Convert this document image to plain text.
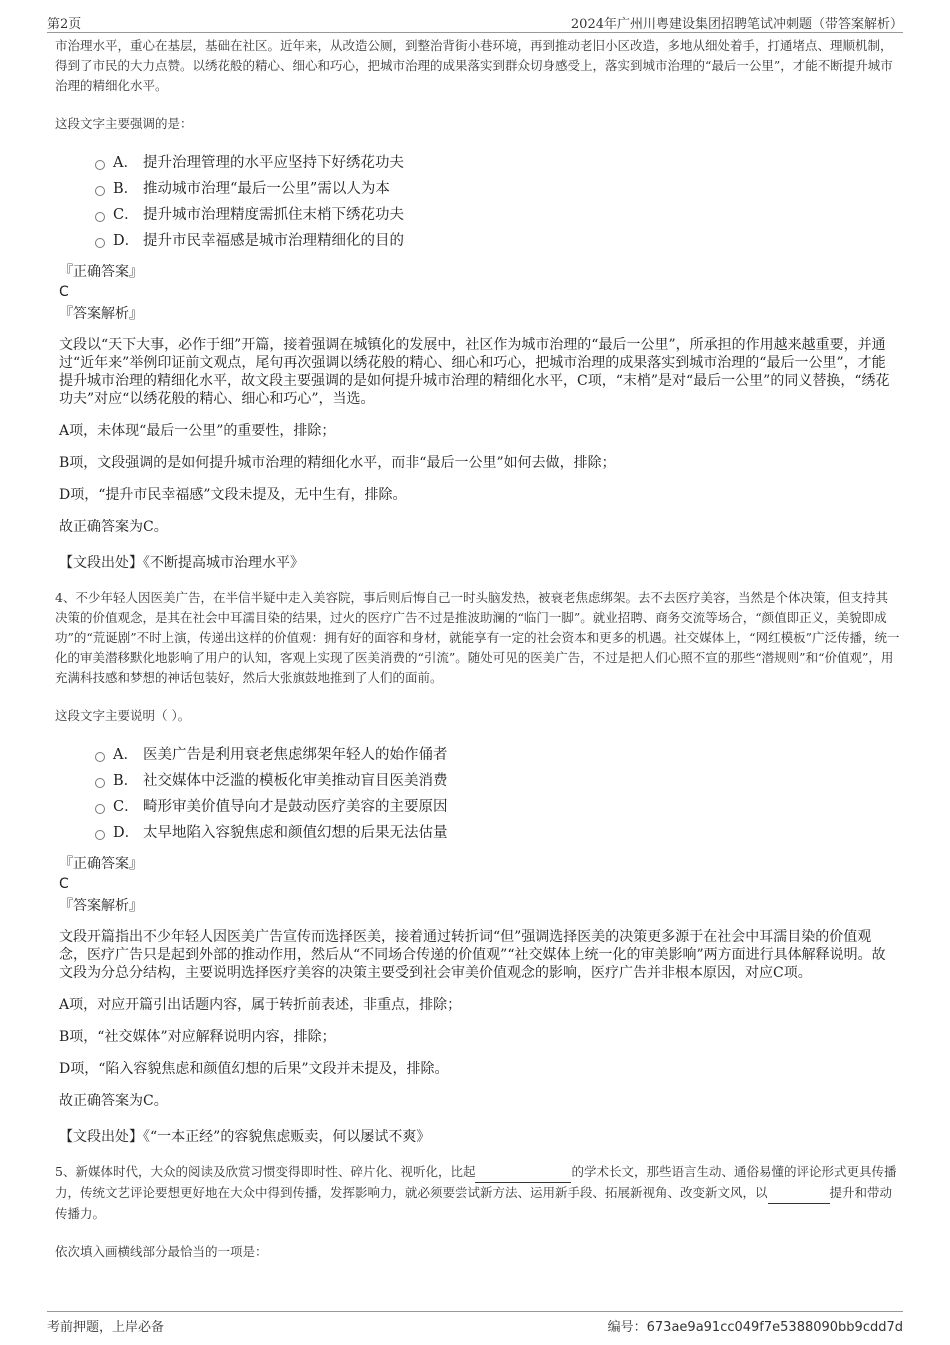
第2页	2024年广州川粤建设集团招聘笔试冲刺题（带答案解析）

市治理水平，重心在基层，基础在社区。近年来，从改造公厕，到整治背街小巷环境，再到推动老旧小区改造，多地从细处着手，打通堵点、理顺机制，得到了市民的大力点赞。以绣花般的精心、细心和巧心，把城市治理的成果落实到群众切身感受上，落实到城市治理的“最后一公里”，才能不断提升城市治理的精细化水平。

这段文字主要强调的是：

A． 提升治理管理的水平应坚持下好绣花功夫
B． 推动城市治理“最后一公里”需以人为本
C． 提升城市治理精度需抓住末梢下绣花功夫
D． 提升市民幸福感是城市治理精细化的目的
『正确答案』
C
『答案解析』
文段以“天下大事，必作于细”开篇，接着强调在城镇化的发展中，社区作为城市治理的“最后一公里”，所承担的作用越来越重要，并通过“近年来”举例印证前文观点，尾句再次强调以绣花般的精心、细心和巧心，把城市治理的成果落实到城市治理的“最后一公里”，才能提升城市治理的精细化水平，故文段主要强调的是如何提升城市治理的精细化水平，C项，“末梢”是对“最后一公里”的同义替换，“绣花功夫”对应“以绣花般的精心、细心和巧心”，当选。
A项，未体现“最后一公里”的重要性，排除；
B项，文段强调的是如何提升城市治理的精细化水平，而非“最后一公里”如何去做，排除；
D项，“提升市民幸福感”文段未提及，无中生有，排除。
故正确答案为C。
【文段出处】《不断提高城市治理水平》

4、不少年轻人因医美广告，在半信半疑中走入美容院，事后则后悔自己一时头脑发热，被衰老焦虑绑架。去不去医疗美容，当然是个体决策，但支持其决策的价值观念，是其在社会中耳濡目染的结果，过火的医疗广告不过是推波助澜的“临门一脚”。就业招聘、商务交流等场合，“颜值即正义，美貌即成功”的“荒诞剧”不时上演，传递出这样的价值观：拥有好的面容和身材，就能享有一定的社会资本和更多的机遇。社交媒体上，“网红模板”广泛传播，统一化的审美潜移默化地影响了用户的认知，客观上实现了医美消费的“引流”。随处可见的医美广告，不过是把人们心照不宣的那些“潜规则”和“价值观”，用充满科技感和梦想的神话包装好，然后大张旗鼓地推到了人们的面前。

这段文字主要说明（ ）。

A． 医美广告是利用衰老焦虑绑架年轻人的始作俑者
B． 社交媒体中泛滥的模板化审美推动盲目医美消费
C． 畸形审美价值导向才是鼓动医疗美容的主要原因
D． 太早地陷入容貌焦虑和颜值幻想的后果无法估量
『正确答案』
C
『答案解析』
文段开篇指出不少年轻人因医美广告宣传而选择医美，接着通过转折词“但”强调选择医美的决策更多源于在社会中耳濡目染的价值观念，医疗广告只是起到外部的推动作用，然后从“不同场合传递的价值观”“社交媒体上统一化的审美影响”两方面进行具体解释说明。故文段为分总分结构，主要说明选择医疗美容的决策主要受到社会审美价值观念的影响，医疗广告并非根本原因，对应C项。
A项，对应开篇引出话题内容，属于转折前表述，非重点，排除；
B项，“社交媒体”对应解释说明内容，排除；
D项，“陷入容貌焦虑和颜值幻想的后果”文段并未提及，排除。
故正确答案为C。
【文段出处】《“一本正经”的容貌焦虑贩卖，何以屡试不爽》

5、新媒体时代，大众的阅读及欣赏习惯变得即时性、碎片化、视听化，比起	的学术长文，那些语言生动、通俗易懂的评论形式更具传播力，传统文艺评论要想更好地在大众中得到传播，发挥影响力，就必须要尝试新方法、运用新手段、拓展新视角、改变新文风，以	提升和带动传播力。

依次填入画横线部分最恰当的一项是：

考前押题，上岸必备	编号：673ae9a91cc049f7e5388090bb9cdd7d
